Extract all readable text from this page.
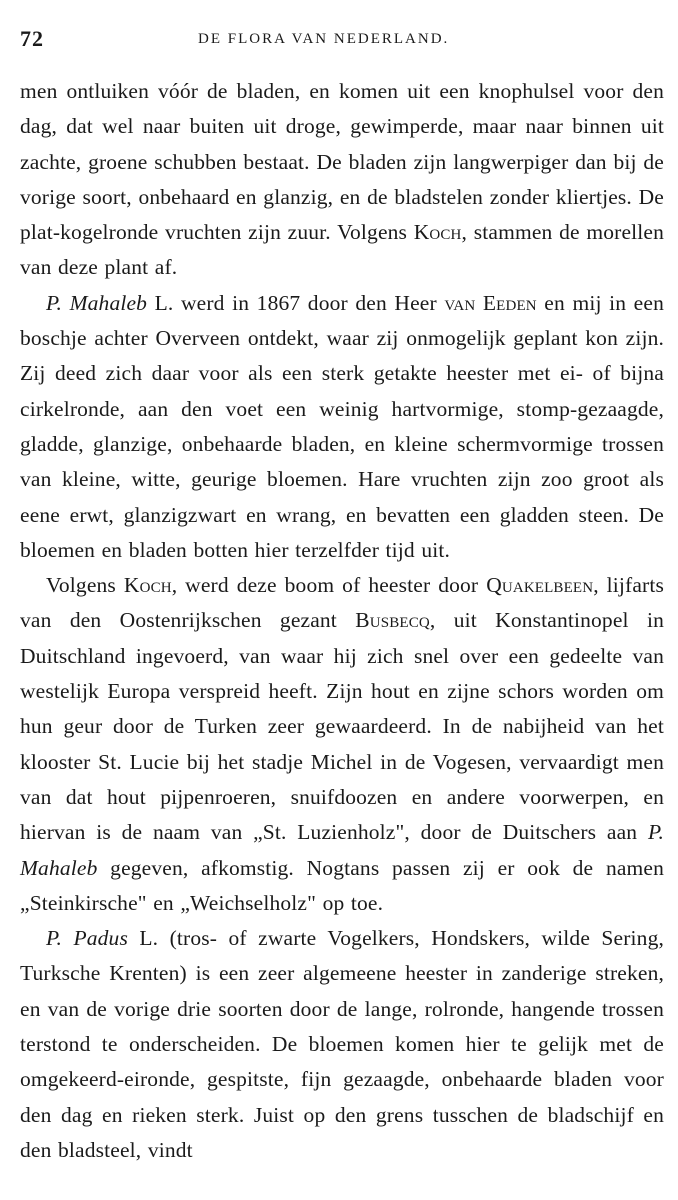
72	DE FLORA VAN NEDERLAND.

men ontluiken vóór de bladen, en komen uit een knophulsel voor den dag, dat wel naar buiten uit droge, gewimperde, maar naar binnen uit zachte, groene schubben bestaat. De bladen zijn langwerpiger dan bij de vorige soort, onbehaard en glanzig, en de bladstelen zonder kliertjes. De plat-kogelronde vruchten zijn zuur. Volgens Koch, stammen de morellen van deze plant af.

P. Mahaleb L. werd in 1867 door den Heer van Eeden en mij in een boschje achter Overveen ontdekt, waar zij onmogelijk geplant kon zijn. Zij deed zich daar voor als een sterk getakte heester met ei- of bijna cirkelronde, aan den voet een weinig hartvormige, stomp-gezaagde, gladde, glanzige, onbehaarde bladen, en kleine schermvormige trossen van kleine, witte, geurige bloemen. Hare vruchten zijn zoo groot als eene erwt, glanzigzwart en wrang, en bevatten een gladden steen. De bloemen en bladen botten hier terzelfder tijd uit.

Volgens Koch, werd deze boom of heester door Quakelbeen, lijfarts van den Oostenrijkschen gezant Busbecq, uit Konstantinopel in Duitschland ingevoerd, van waar hij zich snel over een gedeelte van westelijk Europa verspreid heeft. Zijn hout en zijne schors worden om hun geur door de Turken zeer gewaardeerd. In de nabijheid van het klooster St. Lucie bij het stadje Michel in de Vogesen, vervaardigt men van dat hout pijpenroeren, snuifdoozen en andere voorwerpen, en hiervan is de naam van „St. Luzienholz", door de Duitschers aan P. Mahaleb gegeven, afkomstig. Nogtans passen zij er ook de namen „Steinkirsche" en „Weichselholz" op toe.

P. Padus L. (tros- of zwarte Vogelkers, Hondskers, wilde Sering, Turksche Krenten) is een zeer algemeene heester in zanderige streken, en van de vorige drie soorten door de lange, rolronde, hangende trossen terstond te onderscheiden. De bloemen komen hier te gelijk met de omgekeerd-eironde, gespitste, fijn gezaagde, onbehaarde bladen voor den dag en rieken sterk. Juist op den grens tusschen de bladschijf en den bladsteel, vindt
